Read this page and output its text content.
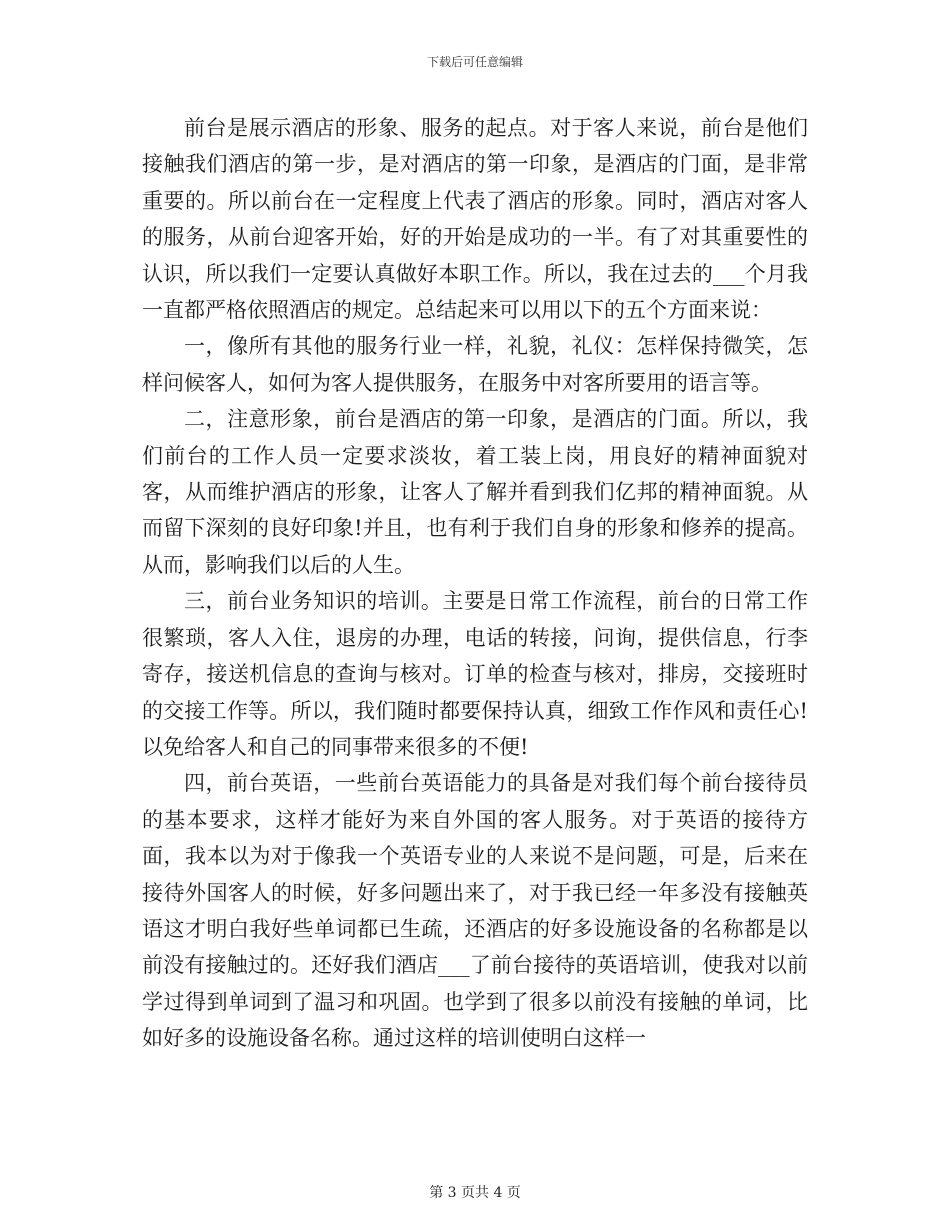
下载后可任意编辑

前台是展示酒店的形象、服务的起点。对于客人来说，前台是他们接触我们酒店的第一步，是对酒店的第一印象，是酒店的门面，是非常重要的。所以前台在一定程度上代表了酒店的形象。同时，酒店对客人的服务，从前台迎客开始，好的开始是成功的一半。有了对其重要性的认识，所以我们一定要认真做好本职工作。所以，我在过去的___个月我一直都严格依照酒店的规定。总结起来可以用以下的五个方面来说：

一，像所有其他的服务行业一样，礼貌，礼仪：怎样保持微笑，怎样问候客人，如何为客人提供服务，在服务中对客所要用的语言等。

二，注意形象，前台是酒店的第一印象，是酒店的门面。所以，我们前台的工作人员一定要求淡妆，着工装上岗，用良好的精神面貌对客，从而维护酒店的形象，让客人了解并看到我们亿邦的精神面貌。从而留下深刻的良好印象!并且，也有利于我们自身的形象和修养的提高。从而，影响我们以后的人生。

三，前台业务知识的培训。主要是日常工作流程，前台的日常工作很繁琐，客人入住，退房的办理，电话的转接，问询，提供信息，行李寄存，接送机信息的查询与核对。订单的检查与核对，排房，交接班时的交接工作等。所以，我们随时都要保持认真，细致工作作风和责任心!以免给客人和自己的同事带来很多的不便!

四，前台英语，一些前台英语能力的具备是对我们每个前台接待员的基本要求，这样才能好为来自外国的客人服务。对于英语的接待方面，我本以为对于像我一个英语专业的人来说不是问题，可是，后来在接待外国客人的时候，好多问题出来了，对于我已经一年多没有接触英语这才明白我好些单词都已生疏，还酒店的好多设施设备的名称都是以前没有接触过的。还好我们酒店___了前台接待的英语培训，使我对以前学过得到单词到了温习和巩固。也学到了很多以前没有接触的单词，比如好多的设施设备名称。通过这样的培训使明白这样一

第 3 页共 4 页
